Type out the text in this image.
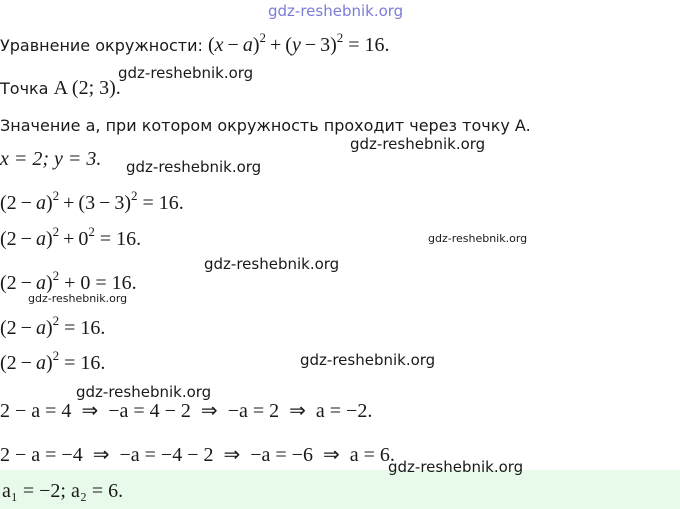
gdz-reshebnik.org
Уравнение окружности: $(x - a)^2 + (y - 3)^2 = 16$.
Точка A (2; 3).
gdz-reshebnik.org
Значение a, при котором окружность проходит через точку A.
x = 2; y = 3.
gdz-reshebnik.org
gdz-reshebnik.org
$(2 - a)^2 + (3 - 3)^2 = 16$.
$(2 - a)^2 + 0^2 = 16$.	gdz-reshebnik.org
gdz-reshebnik.org
$(2 - a)^2 + 0 = 16$.
gdz-reshebnik.org
$(2 - a)^2 = 16$.
$(2 - a)^2 = 16$.	gdz-reshebnik.org
gdz-reshebnik.org
2 − a = 4 ⇒ −a = 4 − 2 ⇒ −a = 2 ⇒ a = −2.
2 − a = −4 ⇒ −a = −4 − 2 ⇒ −a = −6 ⇒ a = 6.
gdz-reshebnik.org
a₁ = −2; a₂ = 6.
